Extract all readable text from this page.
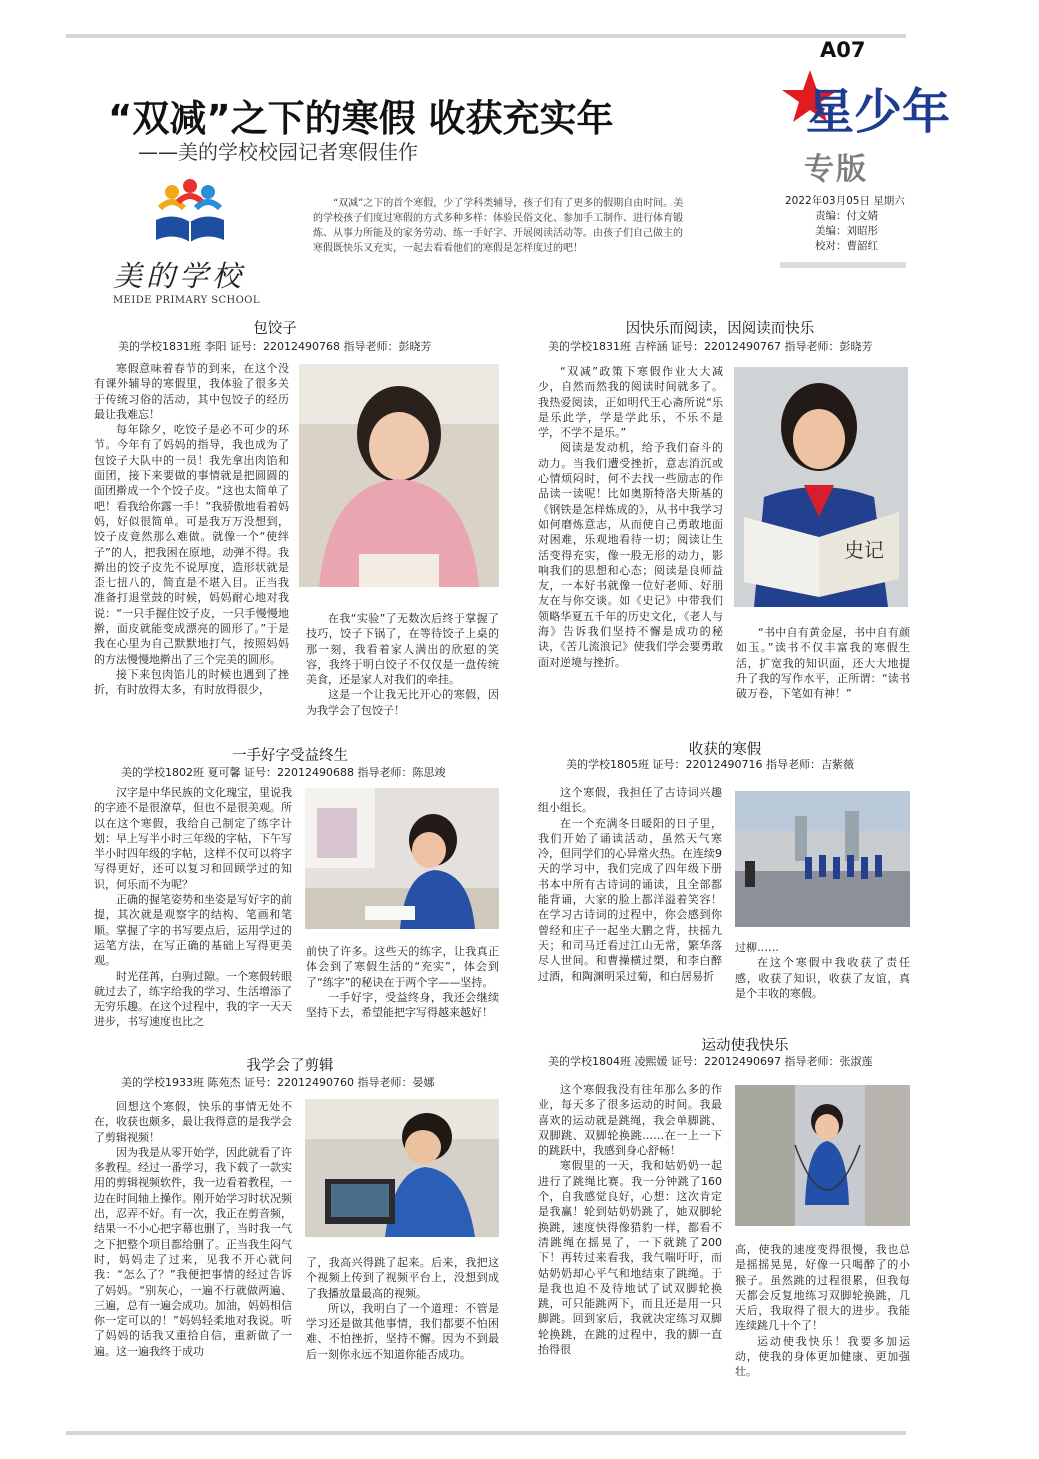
A07
星少年
专版
2022年03月05日 星期六
责编：付文婧
美编：刘昭彤
校对：曹韶红
“双减”之下的寒假 收获充实年
——美的学校校园记者寒假佳作
美的学校
MEIDE PRIMARY SCHOOL
“双减”之下的首个寒假，少了学科类辅导，孩子们有了更多的假期自由时间。美的学校孩子们度过寒假的方式多种多样：体验民俗文化、参加手工制作、进行体育锻炼、从事力所能及的家务劳动、练一手好字、开展阅读活动等。由孩子们自己做主的寒假既快乐又充实，一起去看看他们的寒假是怎样度过的吧！
包饺子
美的学校1831班 李阳 证号：22012490768 指导老师：彭晓芳

寒假意味着春节的到来，在这个没有课外辅导的寒假里，我体验了很多关于传统习俗的活动，其中包饺子的经历最让我难忘！

每年除夕，吃饺子是必不可少的环节。今年有了妈妈的指导，我也成为了包饺子大队中的一员！我先拿出肉馅和面团，接下来要做的事情就是把圆圆的面团擀成一个个饺子皮。“这也太简单了吧！看我给你露一手！”我骄傲地看着妈妈，好似很简单。可是我万万没想到，饺子皮竟然那么难做。就像一个“使绊子”的人，把我困在原地，动弹不得。我擀出的饺子皮先不说厚度，造形状就是歪七扭八的，简直是不堪入目。正当我准备打退堂鼓的时候，妈妈耐心地对我说：“一只手握住饺子皮，一只手慢慢地擀，面皮就能变成漂亮的圆形了。”于是我在心里为自己默默地打气，按照妈妈的方法慢慢地擀出了三个完美的圆形。

接下来包肉馅儿的时候也遇到了挫折，有时放得太多，有时放得很少，

在我“实验”了无数次后终于掌握了技巧，饺子下锅了，在等待饺子上桌的那一刻，我看着家人满出的欣慰的笑容，我终于明白饺子不仅仅是一盘传统美食，还是家人对我们的牵挂。

这是一个让我无比开心的寒假，因为我学会了包饺子！

因快乐而阅读，因阅读而快乐
美的学校1831班 吉梓涵 证号：22012490767 指导老师：彭晓芳

“双减”政策下寒假作业大大减少，自然而然我的阅读时间就多了。我热爱阅读，正如明代王心斋所说“乐是乐此学，学是学此乐，不乐不是学，不学不是乐。”

阅读是发动机，给予我们奋斗的动力。当我们遭受挫折，意志消沉或心情烦闷时，何不去找一些励志的作品读一读呢！比如奥斯特洛夫斯基的《钢铁是怎样炼成的》，从书中我学习如何磨炼意志，从而使自己勇敢地面对困难，乐观地看待一切；阅读让生活变得充实，像一股无形的动力，影响我们的思想和心态；阅读是良师益友，一本好书就像一位好老师、好朋友在与你交谈。如《史记》中带我们领略华夏五千年的历史文化，《老人与海》告诉我们坚持不懈是成功的秘诀，《苦儿流浪记》使我们学会要勇敢面对逆境与挫折。

史记

“书中自有黄金屋，书中自有颜如玉。”读书不仅丰富我的寒假生活，扩宽我的知识面，还大大地提升了我的写作水平，正所谓：“读书破万卷，下笔如有神！”

一手好字受益终生
美的学校1802班 夏可馨 证号：22012490688 指导老师：陈思竣

汉字是中华民族的文化瑰宝，里说我的字迹不是很潦草，但也不是很美观。所以在这个寒假，我给自己制定了练字计划：早上写半小时三年级的字帖，下午写半小时四年级的字帖，这样不仅可以将字写得更好，还可以复习和回顾学过的知识，何乐而不为呢？

正确的握笔姿势和坐姿是写好字的前提，其次就是观察字的结构、笔画和笔顺。掌握了字的书写要点后，运用学过的运笔方法，在写正确的基础上写得更美观。

时光荏苒，白驹过隙。一个寒假转眼就过去了，练字给我的学习、生活增添了无穷乐趣。在这个过程中，我的字一天天进步，书写速度也比之

前快了许多。这些天的练字，让我真正体会到了寒假生活的“充实”，体会到了“练字”的秘诀在于两个字——坚持。

一手好字，受益终身，我还会继续坚持下去，希望能把字写得越来越好！

收获的寒假
美的学校1805班 证号：22012490716 指导老师：吉紫薇

这个寒假，我担任了古诗词兴趣组小组长。

在一个充满冬日暖阳的日子里，我们开始了诵读活动，虽然天气寒冷，但同学们的心异常火热。在连续9天的学习中，我们完成了四年级下册书本中所有古诗词的诵读，且全部都能背诵，大家的脸上都洋溢着笑容！在学习古诗词的过程中，你会感到你曾经和庄子一起坐大鹏之背，扶摇九天；和司马迁看过江山无常，繁华落尽人世间。和曹操横过槊，和李白醉过酒，和陶渊明采过菊，和白居易折

过柳……

在这个寒假中我收获了责任感，收获了知识，收获了友谊，真是个丰收的寒假。

我学会了剪辑
美的学校1933班 陈苑杰 证号：22012490760 指导老师：晏娜

回想这个寒假，快乐的事情无处不在，收获也颇多，最让我得意的是我学会了剪辑视频！

因为我是从零开始学，因此就看了许多教程。经过一番学习，我下载了一款实用的剪辑视频软件，我一边看着教程，一边在时间轴上操作。刚开始学习时状况频出，忍弄不好。有一次，我正在剪音频，结果一不小心把字幕也删了，当时我一气之下把整个项目都给删了。正当我生闷气时，妈妈走了过来，见我不开心就问我：“怎么了？”我便把事情的经过告诉了妈妈。“别灰心，一遍不行就做两遍、三遍，总有一遍会成功。加油，妈妈相信你一定可以的！”妈妈轻柔地对我说。听了妈妈的话我又重拾自信，重新做了一遍。这一遍我终于成功

了，我高兴得跳了起来。后来，我把这个视频上传到了视频平台上，没想到成了我播放量最高的视频。

所以，我明白了一个道理：不管是学习还是做其他事情，我们都要不怕困难、不怕挫折，坚持不懈。因为不到最后一刻你永远不知道你能否成功。

运动使我快乐
美的学校1804班 凌熙媛 证号：22012490697 指导老师：张淑莲

这个寒假我没有往年那么多的作业，每天多了很多运动的时间。我最喜欢的运动就是跳绳，我会单脚跳、双脚跳、双脚轮换跳……在一上一下的跳跃中，我感到身心舒畅！

寒假里的一天，我和姑奶奶一起进行了跳绳比赛。我一分钟跳了160个，自我感觉良好，心想：这次肯定是我赢！轮到姑奶奶跳了，她双脚轮换跳，速度快得像猎豹一样，都看不清跳绳在摇晃了，一下就跳了200下！再转过来看我，我气喘吁吁，而姑奶奶却心平气和地结束了跳绳。于是我也迫不及待地试了试双脚轮换跳，可只能跳两下，而且还是用一只脚跳。回到家后，我就决定练习双脚轮换跳，在跳的过程中，我的脚一直抬得很

高，使我的速度变得很慢，我也总是摇摇晃晃，好像一只喝醉了的小猴子。虽然跳的过程很累，但我每天都会反复地练习双脚轮换跳，几天后，我取得了很大的进步。我能连续跳几十个了！

运动使我快乐！我要多加运动，使我的身体更加健康、更加强壮。
